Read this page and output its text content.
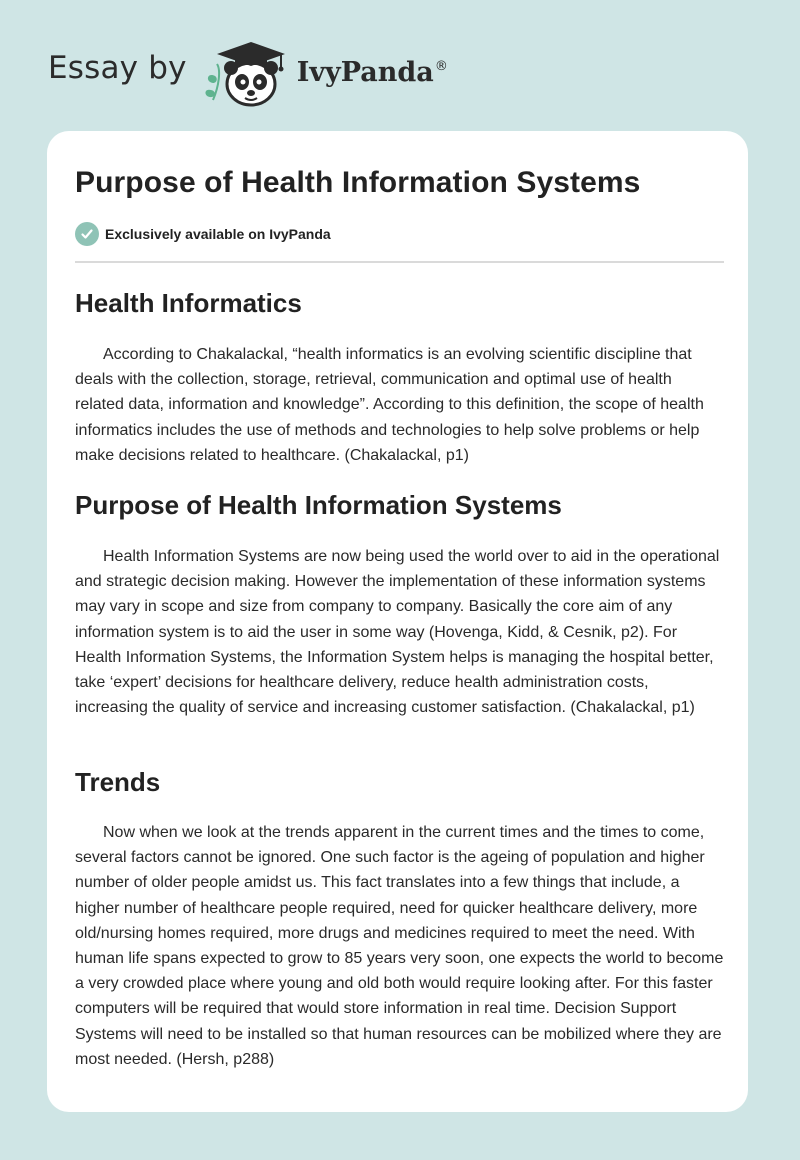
Essay by	IvyPanda®
Purpose of Health Information Systems
Exclusively available on IvyPanda
Health Informatics

According to Chakalackal, “health informatics is an evolving scientific discipline that deals with the collection, storage, retrieval, communication and optimal use of health related data, information and knowledge”. According to this definition, the scope of health informatics includes the use of methods and technologies to help solve problems or help make decisions related to healthcare. (Chakalackal, p1)

Purpose of Health Information Systems

Health Information Systems are now being used the world over to aid in the operational and strategic decision making. However the implementation of these information systems may vary in scope and size from company to company. Basically the core aim of any information system is to aid the user in some way (Hovenga, Kidd, & Cesnik, p2). For Health Information Systems, the Information System helps is managing the hospital better, take ‘expert’ decisions for healthcare delivery, reduce health administration costs, increasing the quality of service and increasing customer satisfaction. (Chakalackal, p1)

Trends

Now when we look at the trends apparent in the current times and the times to come, several factors cannot be ignored. One such factor is the ageing of population and higher number of older people amidst us. This fact translates into a few things that include, a higher number of healthcare people required, need for quicker healthcare delivery, more old/nursing homes required, more drugs and medicines required to meet the need. With human life spans expected to grow to 85 years very soon, one expects the world to become a very crowded place where young and old both would require looking after. For this faster computers will be required that would store information in real time. Decision Support Systems will need to be installed so that human resources can be mobilized where they are most needed. (Hersh, p288)
